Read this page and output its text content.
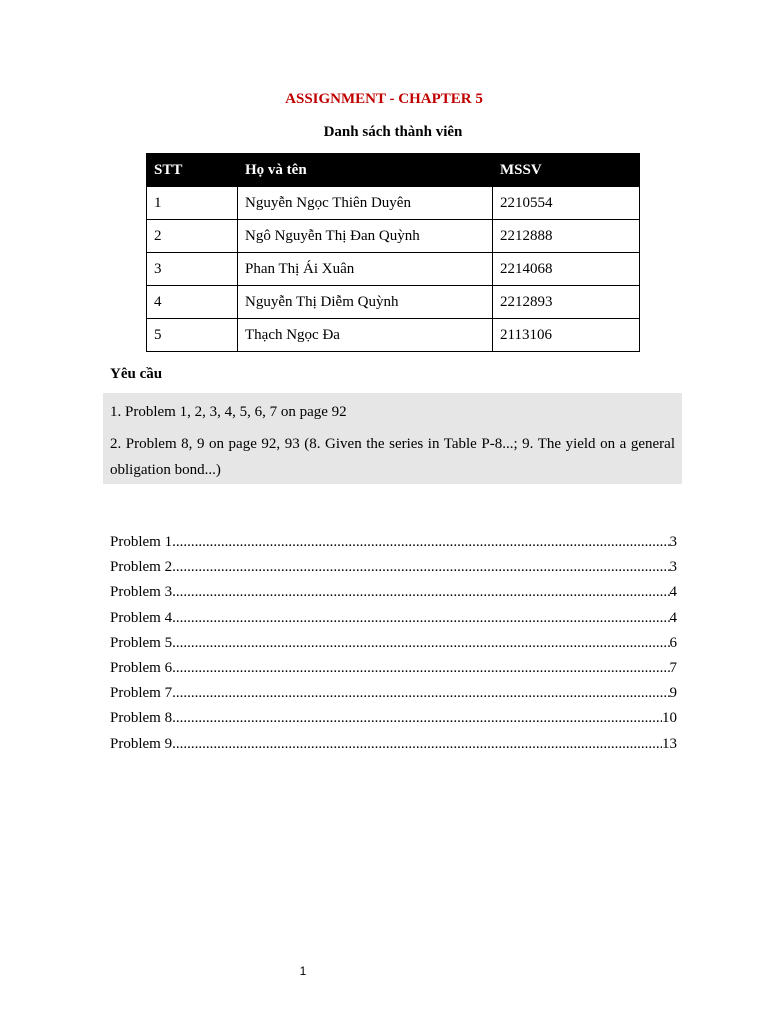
ASSIGNMENT - CHAPTER 5
Danh sách thành viên
STT	Họ và tên	MSSV
1	Nguyễn Ngọc Thiên Duyên	2210554
2	Ngô Nguyễn Thị Đan Quỳnh	2212888
3	Phan Thị Ái Xuân	2214068
4	Nguyễn Thị Diễm Quỳnh	2212893
5	Thạch Ngọc Đa	2113106
Yêu cầu
1. Problem 1, 2, 3, 4, 5, 6, 7 on page 92
2. Problem 8, 9 on page 92, 93 (8. Given the series in Table P-8...; 9. The yield on a general obligation bond...)
Problem 1 .....	3
Problem 2 .....	3
Problem 3 .....	4
Problem 4 .....	4
Problem 5 .....	6
Problem 6 .....	7
Problem 7 .....	9
Problem 8 .....	10
Problem 9 .....	13
1
